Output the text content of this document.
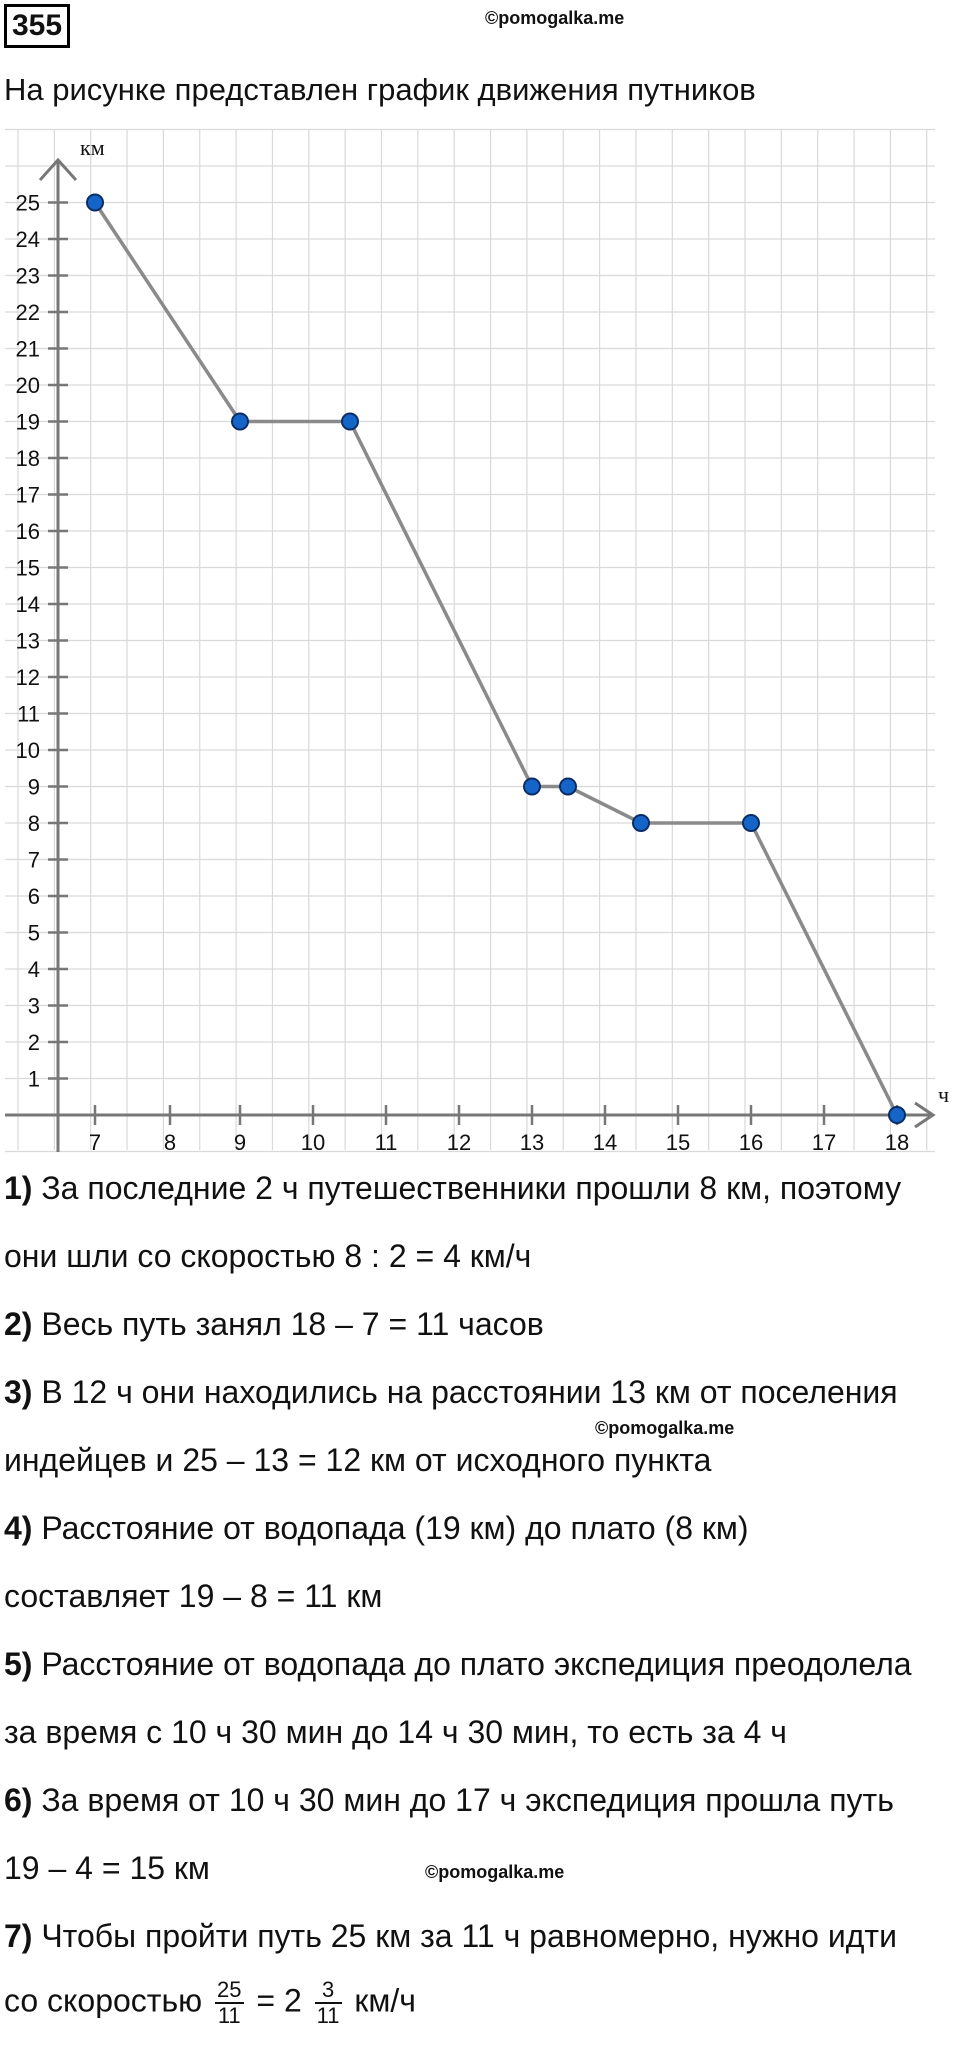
355	©pomogalka.me
На рисунке представлен график движения путников
км
ч
1
2
3
4
5
6
7
8
9
10
11
12
13
14
15
16
17
18
19
20
21
22
23
24
25
7	8	9 10 11 12 13 14 15 16 17 18
©pomogalka.me
©pomogalka.me
1) За последние 2 ч путешественники прошли 8 км, поэтому
они шли со скоростью 8 : 2 = 4 км/ч
2) Весь путь занял 18 – 7 = 11 часов
3) В 12 ч они находились на расстоянии 13 км от поселения
индейцев и 25 – 13 = 12 км от исходного пункта
4) Расстояние от водопада (19 км) до плато (8 км)
составляет 19 – 8 = 11 км
5) Расстояние от водопада до плато экспедиция преодолела
за время с 10 ч 30 мин до 14 ч 30 мин, то есть за 4 ч
6) За время от 10 ч 30 мин до 17 ч экспедиция прошла путь
19 – 4 = 15 км
7) Чтобы пройти путь 25 км за 11 ч равномерно, нужно идти
со скоростью $\frac{25}{11} = 2 \frac{3}{11} км/ч$
